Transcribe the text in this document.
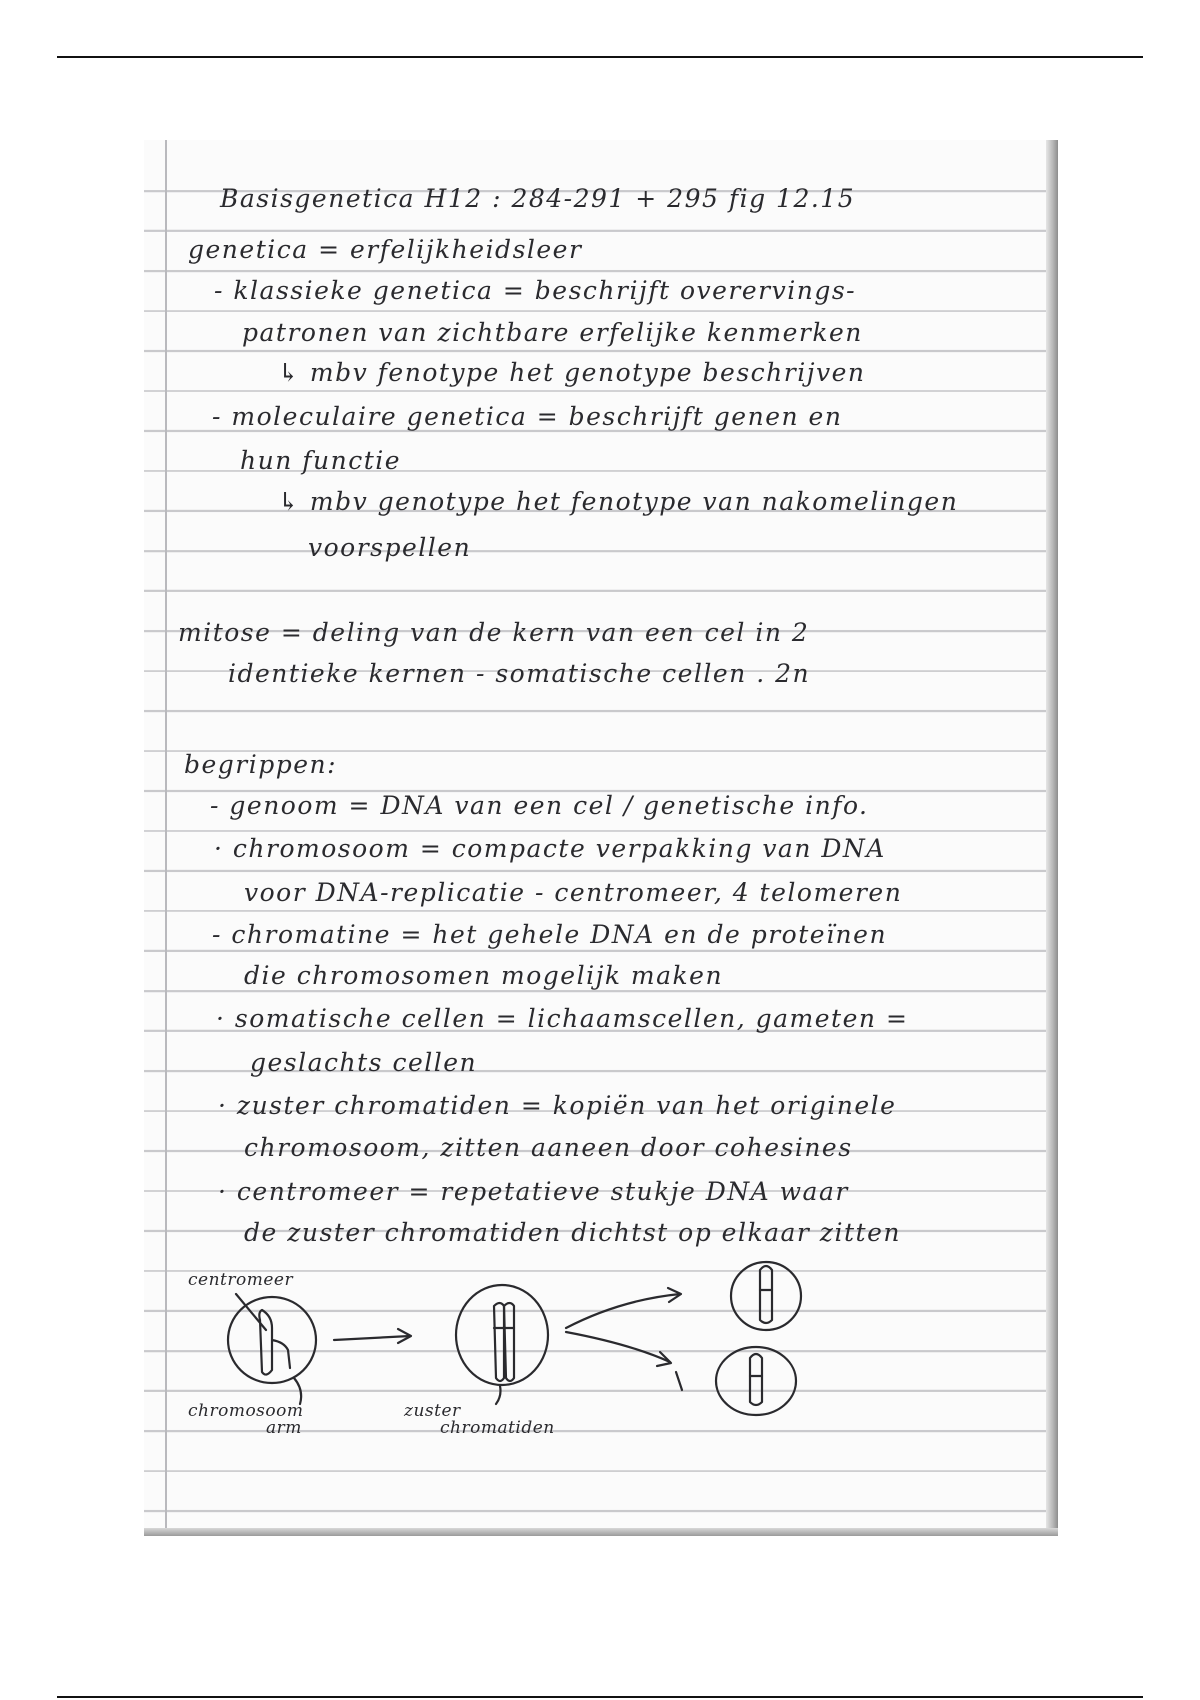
Basisgenetica H12 : 284-291 + 295 fig 12.15
genetica = erfelijkheidsleer
- klassieke genetica = beschrijft overervings-
patronen van zichtbare erfelijke kenmerken
↳ mbv fenotype het genotype beschrijven
- moleculaire genetica = beschrijft genen en
hun functie
↳ mbv genotype het fenotype van nakomelingen
voorspellen
mitose = deling van de kern van een cel in 2
identieke kernen - somatische cellen . 2n
begrippen:
- genoom = DNA van een cel / genetische info.
· chromosoom = compacte verpakking van DNA
voor DNA-replicatie - centromeer, 4 telomeren
- chromatine = het gehele DNA en de proteïnen
die chromosomen mogelijk maken
· somatische cellen = lichaamscellen, gameten =
geslachts cellen
· zuster chromatiden = kopiën van het originele
chromosoom, zitten aaneen door cohesines
· centromeer = repetatieve stukje DNA waar
de zuster chromatiden dichtst op elkaar zitten
centromeer
chromosoom
arm
zuster
chromatiden
